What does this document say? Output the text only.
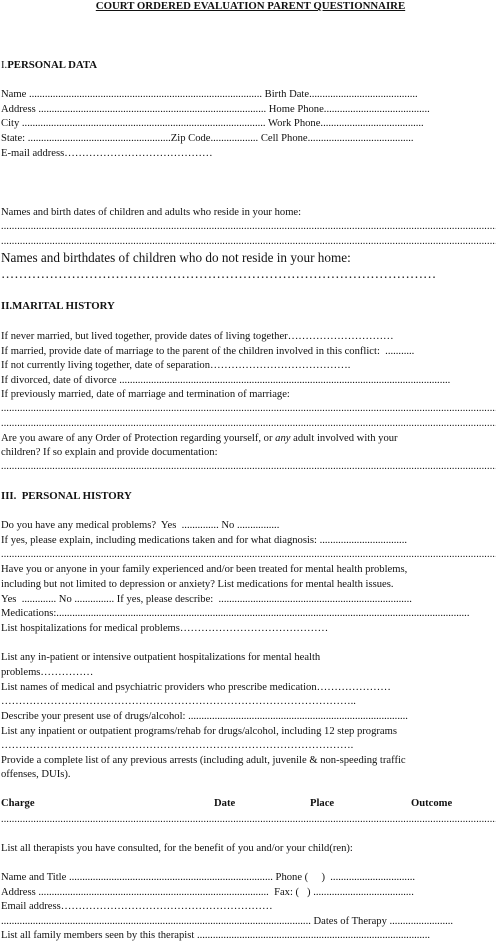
COURT ORDERED EVALUATION PARENT QUESTIONNAIRE
I.PERSONAL DATA
Name ........................................................................................ Birth Date.........................................
Address ...................................................................................... Home Phone........................................
City ............................................................................................ Work Phone.......................................
State: ......................................................Zip Code.................. Cell Phone........................................
E-mail address……………………………………
Names and birth dates of children and adults who reside in your home:
.....
.....
Names and birthdates of children who do not reside in your home:
………………………………………………………………………………………
II.MARITAL HISTORY
If never married, but lived together, provide dates of living together…………………………
If married, provide date of marriage to the parent of the children involved in this conflict:  ...........
If not currently living together, date of separation………………………………….
If divorced, date of divorce .............................................................................................................................
If previously married, date of marriage and termination of marriage:
.....
.....
Are you aware of any Order of Protection regarding yourself, or any adult involved with your
children? If so explain and provide documentation:
.....
III.  PERSONAL HISTORY
Do you have any medical problems?  Yes  .............. No ................
If yes, please explain, including medications taken and for what diagnosis: .................................
.....
Have you or anyone in your family experienced and/or been treated for mental health problems,
including but not limited to depression or anxiety? List medications for mental health issues.
Yes  ............. No ............... If yes, please describe:  .........................................................................
Medications:............................................................................................................................................................
List hospitalizations for medical problems……………………………………
List any in-patient or intensive outpatient hospitalizations for mental health
problems……………
List names of medical and psychiatric providers who prescribe medication…………………
………………………………………………………………………………………..
Describe your present use of drugs/alcohol: ...................................................................................
List any inpatient or outpatient programs/rehab for drugs/alcohol, including 12 step programs
……………………………………………………………………………………….
Provide a complete list of any previous arrests (including adult, juvenile & non-speeding traffic
offenses, DUIs).
Charge	Date	Place	Outcome
.....
List all therapists you have consulted, for the benefit of you and/or your child(ren):
Name and Title ............................................................................. Phone (     )  ................................
Address .......................................................................................  Fax: (   ) ......................................
Email address……………………………………………………
..................................................................................................................... Dates of Therapy ........................
List all family members seen by this therapist ........................................................................................
